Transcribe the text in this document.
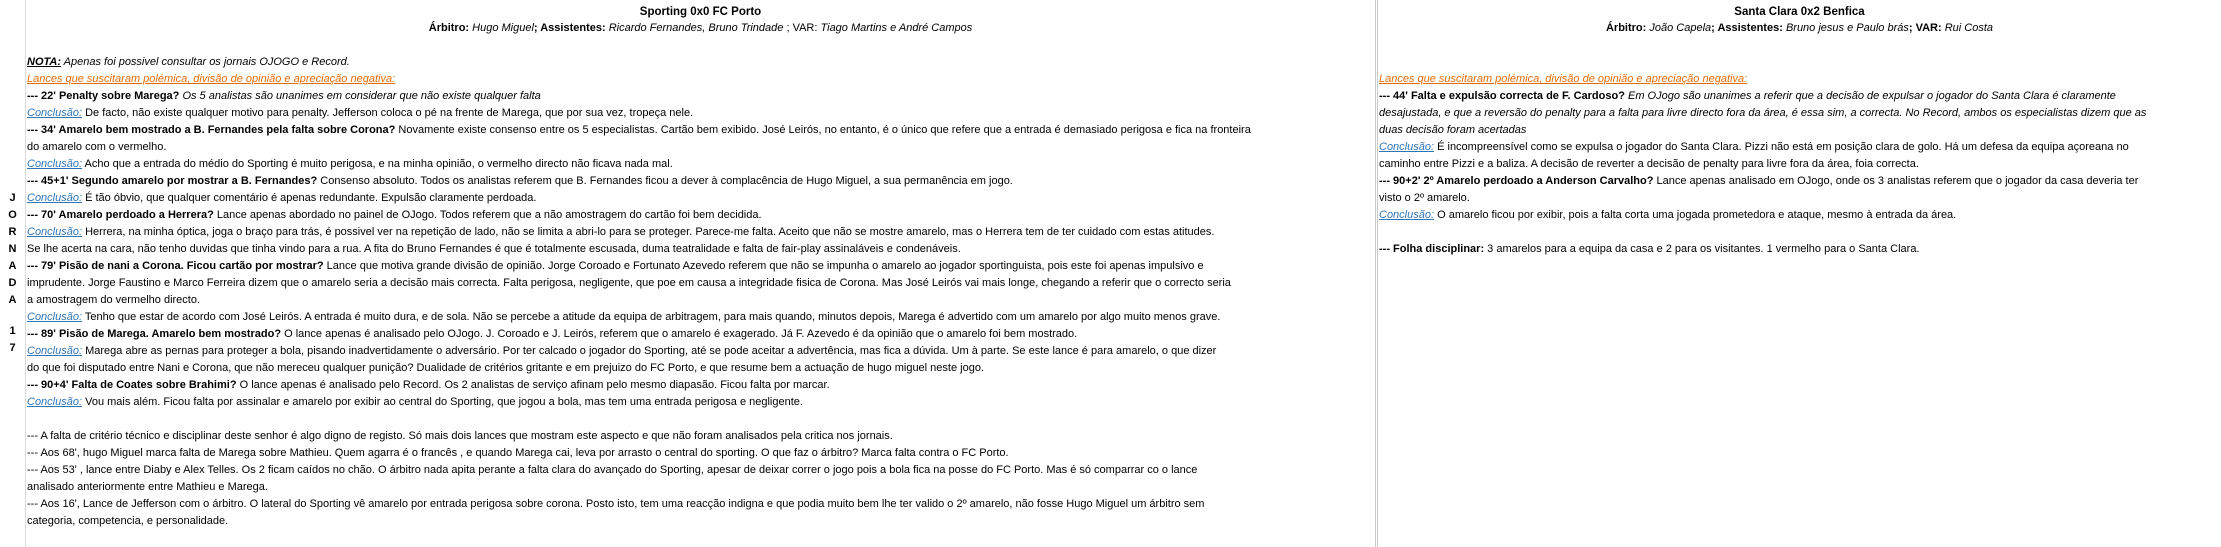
J
O
R
N
A
D
A
1
7
Sporting 0x0 FC Porto
Árbitro: Hugo Miguel; Assistentes: Ricardo Fernandes, Bruno Trindade ; VAR: Tiago Martins e André Campos
NOTA: Apenas foi possivel consultar os jornais OJOGO e Record.
Lances que suscitaram polémica, divisão de opinião e apreciação negativa:
--- 22' Penalty sobre Marega? Os 5 analistas são unanimes em considerar que não existe qualquer falta
Conclusão: De facto, não existe qualquer motivo para penalty. Jefferson coloca o pé na frente de Marega, que por sua vez, tropeça nele.
--- 34' Amarelo bem mostrado a B. Fernandes pela falta sobre Corona? Novamente existe consenso entre os 5 especialistas. Cartão bem exibido. José Leirós, no entanto, é o único que refere que a entrada é demasiado perigosa e fica na fronteira
do amarelo com o vermelho.
Conclusão: Acho que a entrada do médio do Sporting é muito perigosa, e na minha opinião, o vermelho directo não ficava nada mal.
--- 45+1' Segundo amarelo por mostrar a B. Fernandes? Consenso absoluto. Todos os analistas referem que B. Fernandes ficou a dever à complacência de Hugo Miguel, a sua permanência em jogo.
Conclusão: É tão óbvio, que qualquer comentário é apenas redundante. Expulsão claramente perdoada.
--- 70' Amarelo perdoado a Herrera? Lance apenas abordado no painel de OJogo. Todos referem que a não amostragem do cartão foi bem decidida.
Conclusão: Herrera, na minha óptica, joga o braço para trás, é possivel ver na repetição de lado, não se limita a abri-lo para se proteger. Parece-me falta. Aceito que não se mostre amarelo, mas o Herrera tem de ter cuidado com estas atitudes.
Se lhe acerta na cara, não tenho duvidas que tinha vindo para a rua. A fita do Bruno Fernandes é que é totalmente escusada, duma teatralidade e falta de fair-play assinaláveis e condenáveis.
--- 79' Pisão de nani a Corona. Ficou cartão por mostrar? Lance que motiva grande divisão de opinião. Jorge Coroado e Fortunato Azevedo referem que não se impunha o amarelo ao jogador sportinguista, pois este foi apenas impulsivo e
imprudente. Jorge Faustino e Marco Ferreira dizem que o amarelo seria a decisão mais correcta. Falta perigosa, negligente, que poe em causa a integridade fisica de Corona. Mas José Leirós vai mais longe, chegando a referir que o correcto seria
a amostragem do vermelho directo.
Conclusão: Tenho que estar de acordo com José Leirós. A entrada é muito dura, e de sola. Não se percebe a atitude da equipa de arbitragem, para mais quando, minutos depois, Marega é advertido com um amarelo por algo muito menos grave.
--- 89' Pisão de Marega. Amarelo bem mostrado? O lance apenas é analisado pelo OJogo. J. Coroado e J. Leirós, referem que o amarelo é exagerado. Já F. Azevedo é da opinião que o amarelo foi bem mostrado.
Conclusão: Marega abre as pernas para proteger a bola, pisando inadvertidamente o adversário. Por ter calcado o jogador do Sporting, até se pode aceitar a advertência, mas fica a dúvida. Um à parte. Se este lance é para amarelo, o que dizer
do que foi disputado entre Nani e Corona, que não mereceu qualquer punição? Dualidade de critérios gritante e em prejuizo do FC Porto, e que resume bem a actuação de hugo miguel neste jogo.
--- 90+4' Falta de Coates sobre Brahimi? O lance apenas é analisado pelo Record. Os 2 analistas de serviço afinam pelo mesmo diapasão. Ficou falta por marcar.
Conclusão: Vou mais além. Ficou falta por assinalar e amarelo por exibir ao central do Sporting, que jogou a bola, mas tem uma entrada perigosa e negligente.
--- A falta de critério técnico e disciplinar deste senhor é algo digno de registo. Só mais dois lances que mostram este aspecto e que não foram analisados pela critica nos jornais.
--- Aos 68', hugo Miguel marca falta de Marega sobre Mathieu. Quem agarra é o francês , e quando Marega cai, leva por arrasto o central do sporting. O que faz o árbitro? Marca falta contra o FC Porto.
--- Aos 53' , lance entre Diaby e Alex Telles. Os 2 ficam caídos no chão. O árbitro nada apita perante a falta clara do avançado do Sporting, apesar de deixar correr o jogo pois a bola fica na posse do FC Porto. Mas é só comparrar co o lance
analisado anteriormente entre Mathieu e Marega.
--- Aos 16', Lance de Jefferson com o árbitro. O lateral do Sporting vê amarelo por entrada perigosa sobre corona. Posto isto, tem uma reacção indigna e que podia muito bem lhe ter valido o 2º amarelo, não fosse Hugo Miguel um árbitro sem
categoria, competencia, e personalidade.
Santa Clara 0x2 Benfica
Árbitro: João Capela; Assistentes: Bruno jesus e Paulo brás; VAR: Rui Costa
Lances que suscitaram polémica, divisão de opinião e apreciação negativa:
--- 44' Falta e expulsão correcta de F. Cardoso? Em OJogo são unanimes a referir que a decisão de expulsar o jogador do Santa Clara é claramente
desajustada, e que a reversão do penalty para a falta para livre directo fora da área, é essa sim, a correcta. No Record, ambos os especialistas dizem que as
duas decisão foram acertadas
Conclusão: É incompreensível como se expulsa o jogador do Santa Clara. Pizzi não está em posição clara de golo. Há um defesa da equipa açoreana no
caminho entre Pizzi e a baliza. A decisão de reverter a decisão de penalty para livre fora da área, foia correcta.
--- 90+2' 2º Amarelo perdoado a Anderson Carvalho? Lance apenas analisado em OJogo, onde os 3 analistas referem que o jogador da casa deveria ter
visto o 2º amarelo.
Conclusão: O amarelo ficou por exibir, pois a falta corta uma jogada prometedora e ataque, mesmo à entrada da área.
--- Folha disciplinar: 3 amarelos para a equipa da casa e 2 para os visitantes. 1 vermelho para o Santa Clara.
